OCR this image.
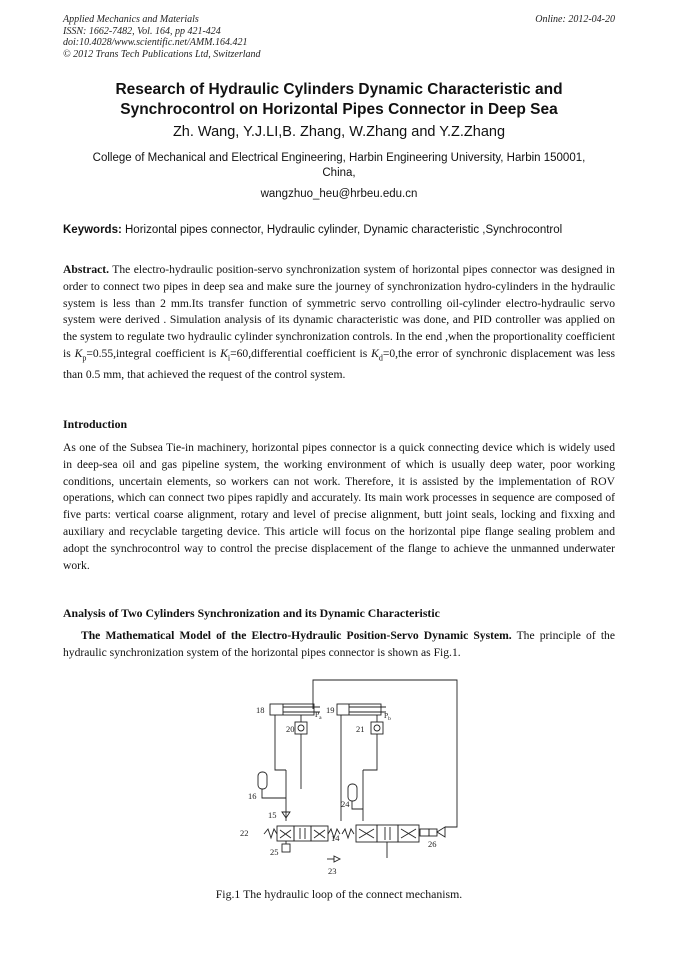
Applied Mechanics and Materials
ISSN: 1662-7482, Vol. 164, pp 421-424
doi:10.4028/www.scientific.net/AMM.164.421
© 2012 Trans Tech Publications Ltd, Switzerland
Online: 2012-04-20
Research of Hydraulic Cylinders Dynamic Characteristic and
Synchrocontrol on Horizontal Pipes Connector in Deep Sea
Zh. Wang, Y.J.LI,B. Zhang, W.Zhang and Y.Z.Zhang
College of Mechanical and Electrical Engineering, Harbin Engineering University, Harbin 150001,
China,
wangzhuo_heu@hrbeu.edu.cn
Keywords: Horizontal pipes connector, Hydraulic cylinder, Dynamic characteristic ,Synchrocontrol
Abstract. The electro-hydraulic position-servo synchronization system of horizontal pipes connector was designed in order to connect two pipes in deep sea and make sure the journey of synchronization hydro-cylinders in the hydraulic system is less than 2 mm.Its transfer function of symmetric servo controlling oil-cylinder electro-hydraulic servo system were derived . Simulation analysis of its dynamic characteristic was done, and PID controller was applied on the system to regulate two hydraulic cylinder synchronization controls. In the end ,when the proportionality coefficient is $K_p=0.55,integral$ coefficient is $K_i=60,differential$ coefficient is $K_d=0,the$ error of synchronic displacement was less than 0.5 mm, that achieved the request of the control system.
Introduction
As one of the Subsea Tie-in machinery, horizontal pipes connector is a quick connecting device which is widely used in deep-sea oil and gas pipeline system, the working environment of which is usually deep water, poor working conditions, uncertain elements, so workers can not work. Therefore, it is assisted by the implementation of ROV operations, which can connect two pipes rapidly and accurately. Its main work processes in sequence are composed of five parts: vertical coarse alignment, rotary and level of precise alignment, butt joint seals, locking and fixxing and auxiliary and recyclable targeting device. This article will focus on the horizontal pipe flange sealing problem and adopt the synchrocontrol way to control the precise displacement of the flange to achieve the unmanned underwater work.
Analysis of Two Cylinders Synchronization and its Dynamic Characteristic
The Mathematical Model of the Electro-Hydraulic Position-Servo Dynamic System. The principle of the hydraulic synchronization system of the horizontal pipes connector is shown as Fig.1.
18	19
20	21
16
15
24
22	14
25
23
26
$P_a$	$P_b$
Fig.1 The hydraulic loop of the connect mechanism.
